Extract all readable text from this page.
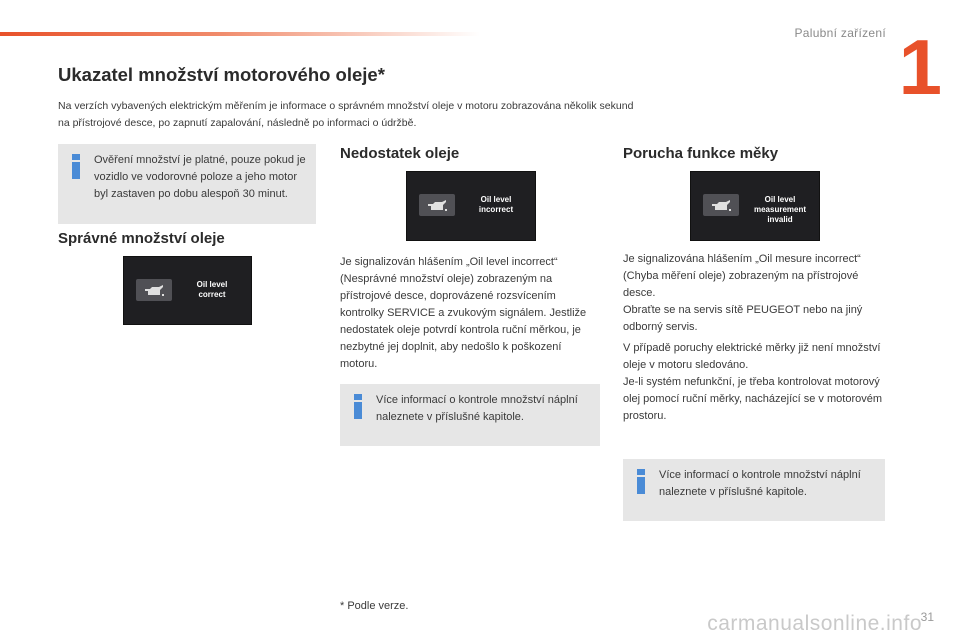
Palubní zařízení 1
Ukazatel množství motorového oleje*
Na verzích vybavených elektrickým měřením je informace o správném množství oleje v motoru zobrazována několik sekund na přístrojové desce, po zapnutí zapalování, následně po informaci o údržbě.
Ověření množství je platné, pouze pokud je vozidlo ve vodorovné poloze a jeho motor byl zastaven po dobu alespoň 30 minut.
Správné množství oleje
Oil level
correct
Nedostatek oleje
Oil level
incorrect
Je signalizován hlášením „Oil level incorrect“ (Nesprávné množství oleje) zobrazeným na přístrojové desce, doprovázené rozsvícením kontrolky SERVICE a zvukovým signálem. Jestliže nedostatek oleje potvrdí kontrola ruční měrkou, je nezbytné jej doplnit, aby nedošlo k poškození motoru.
Více informací o kontrole množství náplní naleznete v příslušné kapitole.
Porucha funkce měky
Oil level
measurement invalid

Je signalizována hlášením „Oil mesure incorrect“ (Chyba měření oleje) zobrazeným na přístrojové desce.
Obraťte se na servis sítě PEUGEOT nebo na jiný odborný servis.

V případě poruchy elektrické měrky již není množství oleje v motoru sledováno.
Je-li systém nefunkční, je třeba kontrolovat motorový olej pomocí ruční měrky, nacházející se v motorovém prostoru.

Více informací o kontrole množství náplní naleznete v příslušné kapitole.
* Podle verze.
carmanualsonline.info
31
